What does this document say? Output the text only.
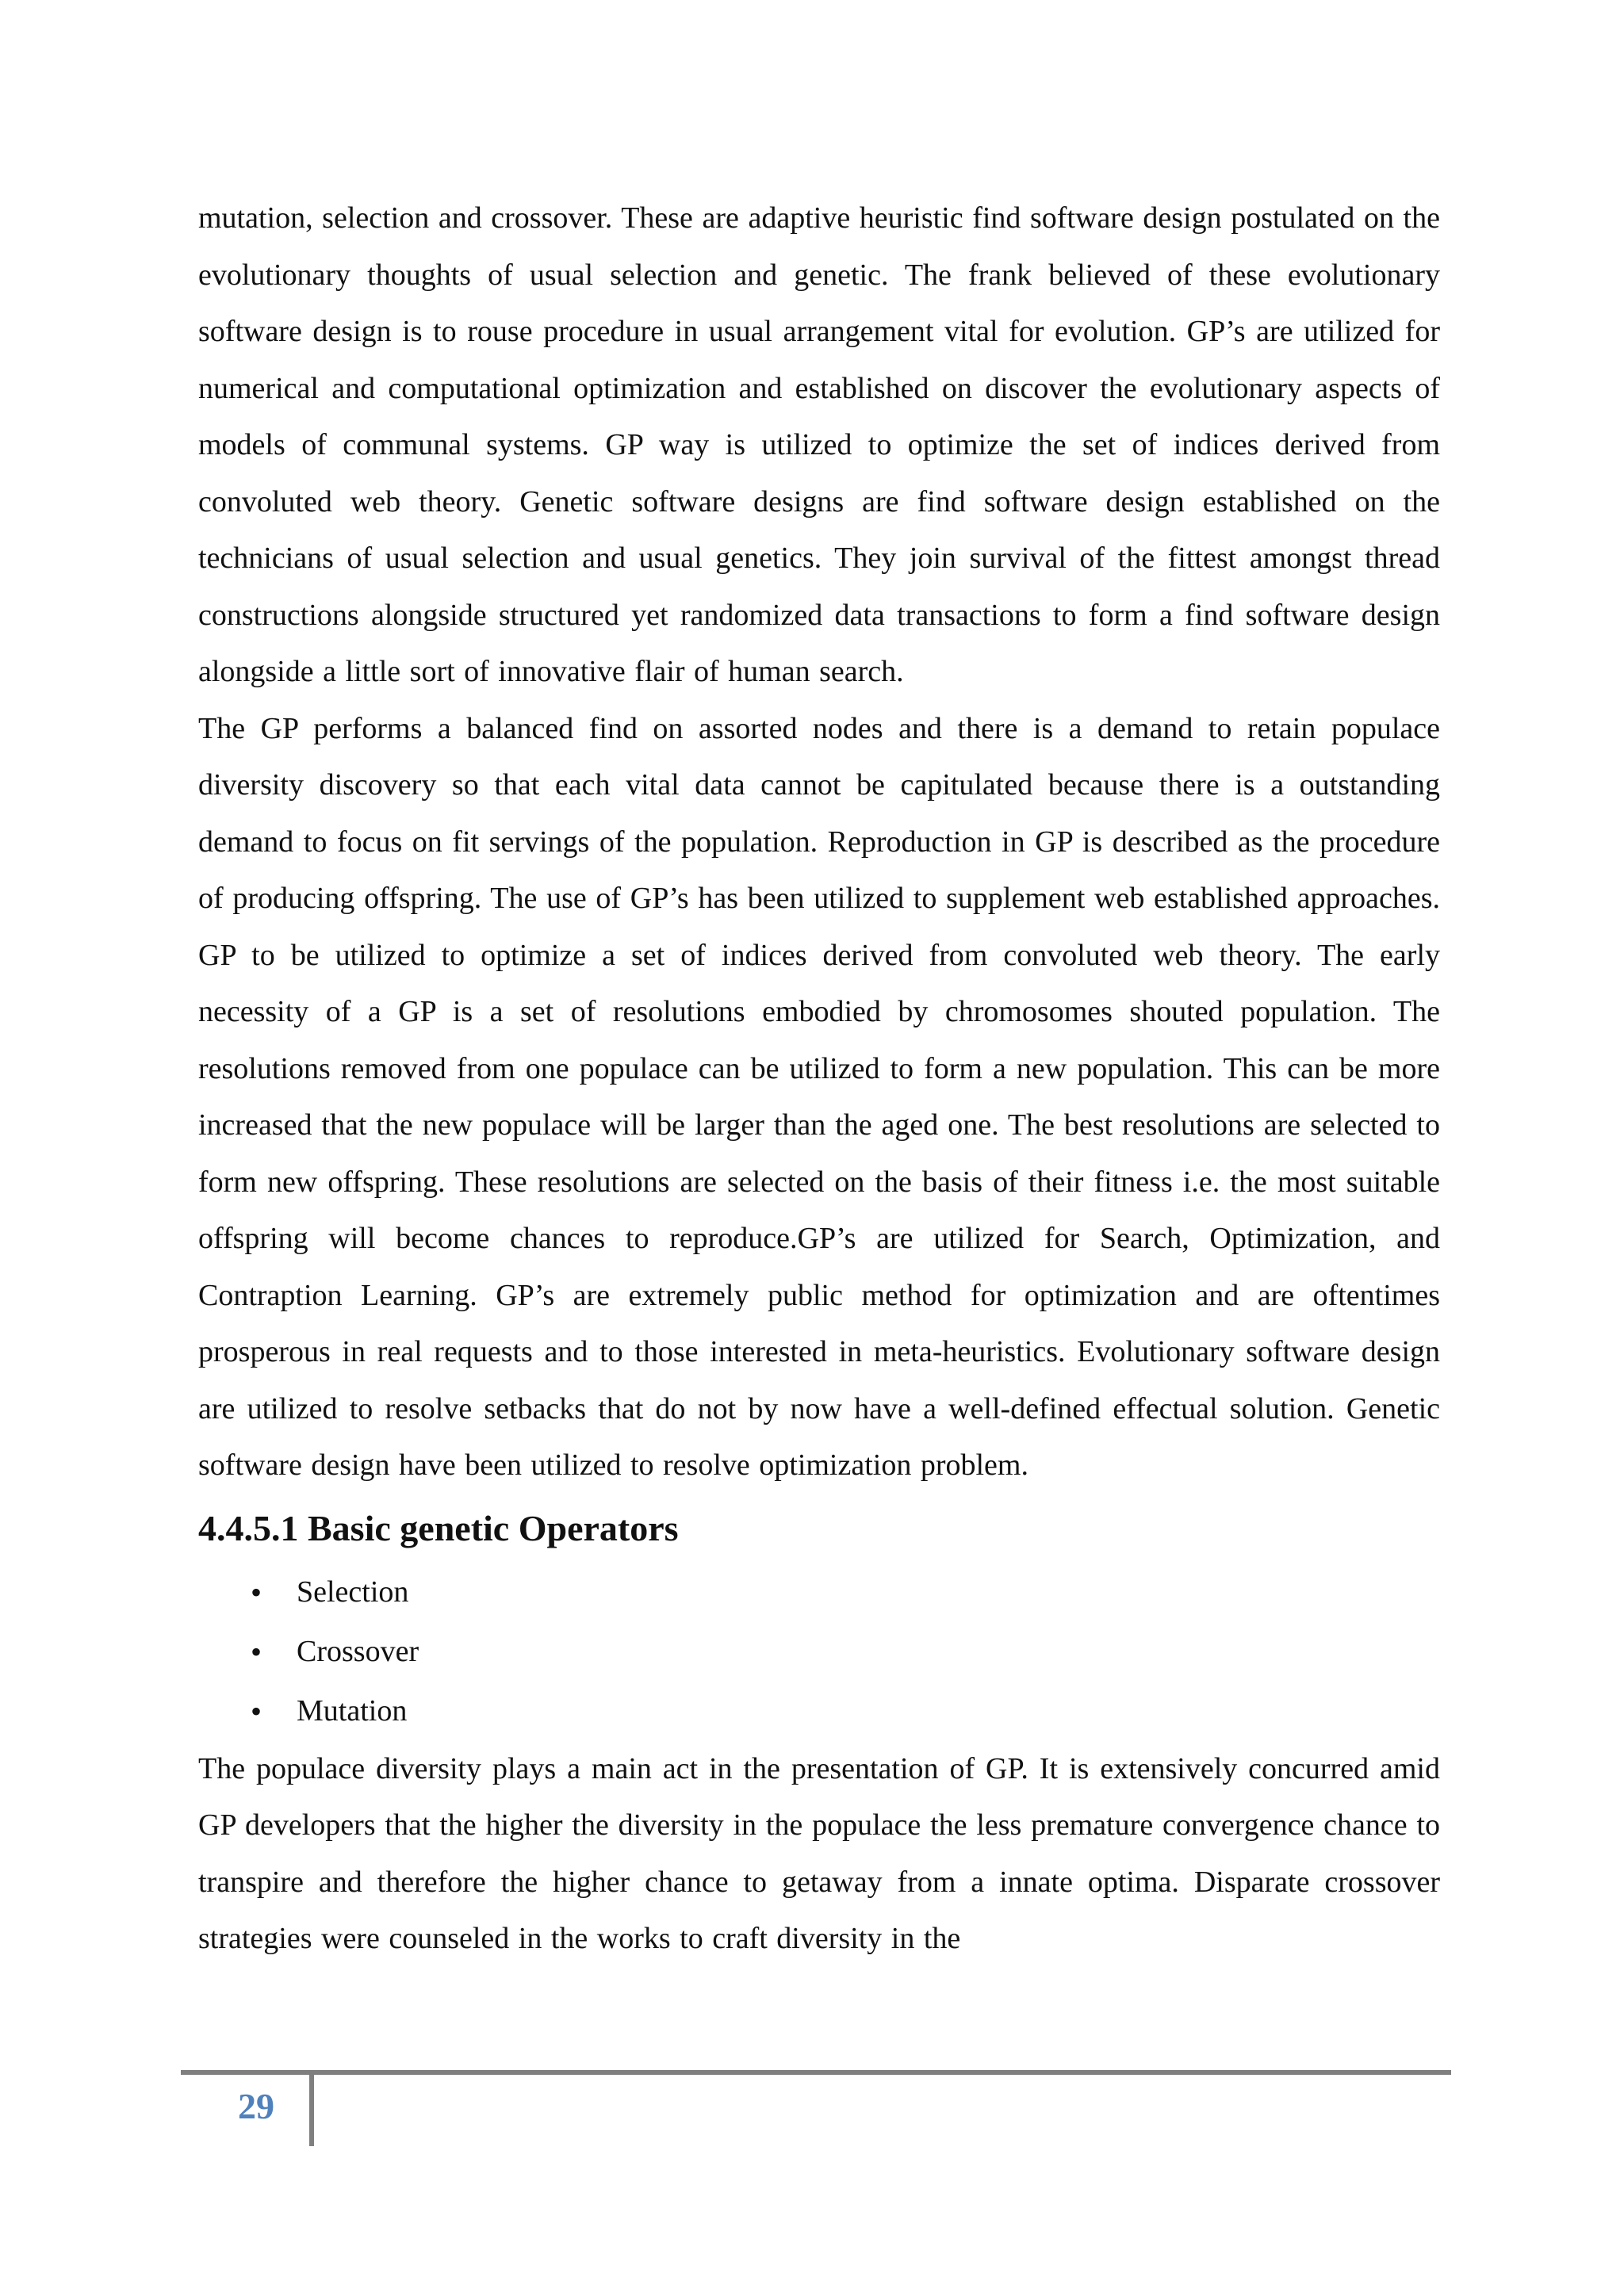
mutation, selection and crossover. These are adaptive heuristic find software design postulated on the evolutionary thoughts of usual selection and genetic. The frank believed of these evolutionary software design is to rouse procedure in usual arrangement vital for evolution. GP’s are utilized for numerical and computational optimization and established on discover the evolutionary aspects of models of communal systems. GP way is utilized to optimize the set of indices derived from convoluted web theory. Genetic software designs are find software design established on the technicians of usual selection and usual genetics. They join survival of the fittest amongst thread constructions alongside structured yet randomized data transactions to form a find software design alongside a little sort of innovative flair of human search.

The GP performs a balanced find on assorted nodes and there is a demand to retain populace diversity discovery so that each vital data cannot be capitulated because there is a outstanding demand to focus on fit servings of the population. Reproduction in GP is described as the procedure of producing offspring. The use of GP’s has been utilized to supplement web established approaches. GP to be utilized to optimize a set of indices derived from convoluted web theory. The early necessity of a GP is a set of resolutions embodied by chromosomes shouted population. The resolutions removed from one populace can be utilized to form a new population. This can be more increased that the new populace will be larger than the aged one. The best resolutions are selected to form new offspring. These resolutions are selected on the basis of their fitness i.e. the most suitable offspring will become chances to reproduce.GP’s are utilized for Search, Optimization, and Contraption Learning. GP’s are extremely public method for optimization and are oftentimes prosperous in real requests and to those interested in meta-heuristics. Evolutionary software design are utilized to resolve setbacks that do not by now have a well-defined effectual solution. Genetic software design have been utilized to resolve optimization problem.

4.4.5.1 Basic genetic Operators
• Selection
• Crossover
• Mutation

The populace diversity plays a main act in the presentation of GP. It is extensively concurred amid GP developers that the higher the diversity in the populace the less premature convergence chance to transpire and therefore the higher chance to getaway from a innate optima. Disparate crossover strategies were counseled in the works to craft diversity in the

29
